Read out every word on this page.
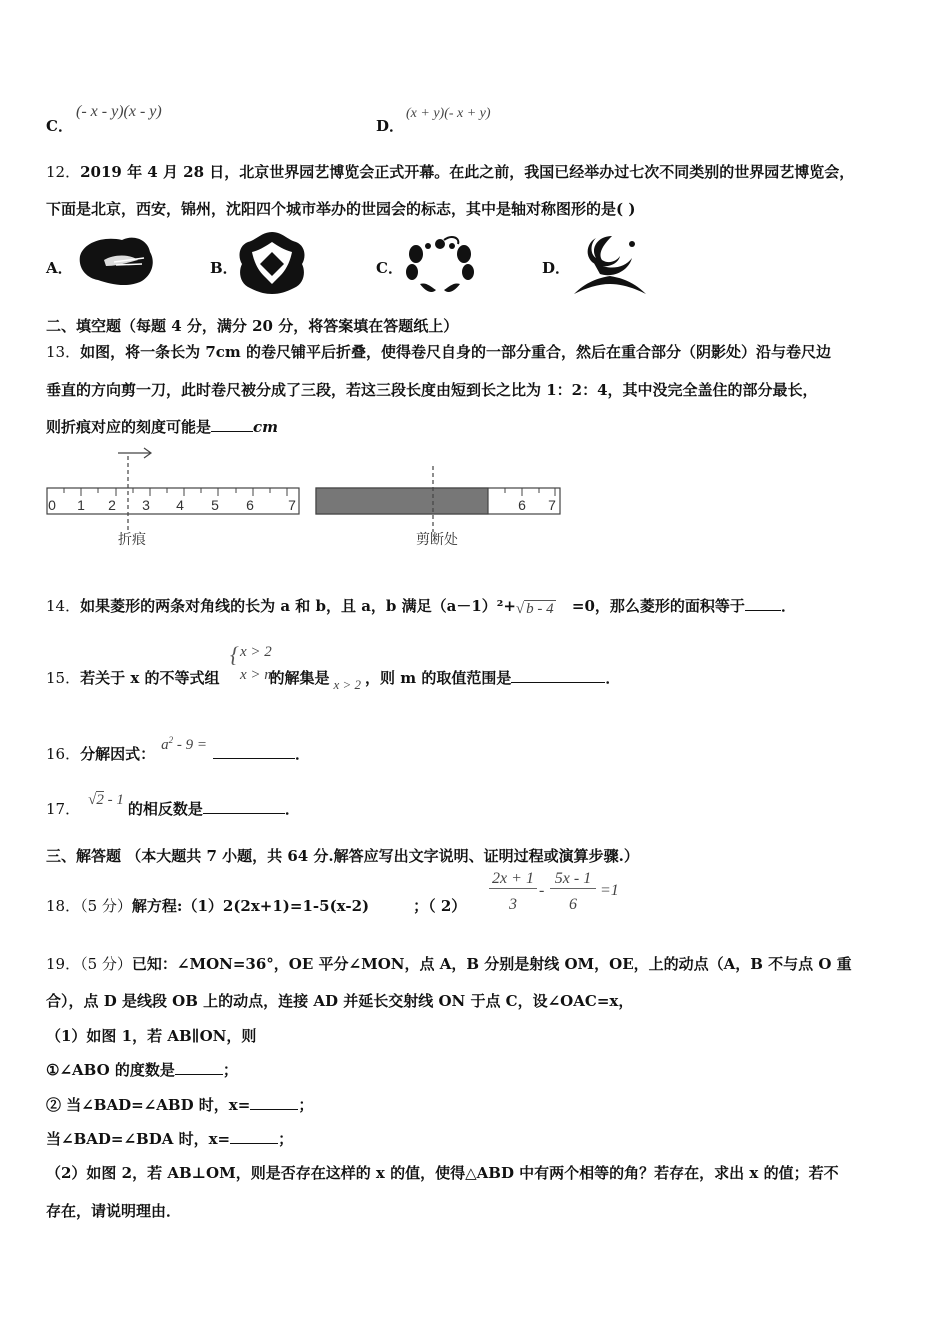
C．
(- x - y)(x - y)
D．
(x + y)(- x + y)
12．2019 年 4 月 28 日，北京世界园艺博览会正式开幕。在此之前，我国已经举办过七次不同类别的世界园艺博览会，
下面是北京，西安，锦州，沈阳四个城市举办的世园会的标志，其中是轴对称图形的是( )
A．	B．	C．	D．
二、填空题（每题 4 分，满分 20 分，将答案填在答题纸上）
13．如图，将一条长为 7cm 的卷尺铺平后折叠，使得卷尺自身的一部分重合，然后在重合部分（阴影处）沿与卷尺边
垂直的方向剪一刀，此时卷尺被分成了三段，若这三段长度由短到长之比为 1：2：4，其中没完全盖住的部分最长，
则折痕对应的刻度可能是	cm
0 1 2 3 4 5 6 7
折痕
6 7
剪断处
14．如果菱形的两条对角线的长为 a 和 b，且 a，b 满足（a－1）²+ √ b - 4 =0，那么菱形的面积等于 ．
{ x > 2
x > m
15．若关于 x 的不等式组	的解集是 x > 2 ，则 m 的取值范围是	．
16．分解因式： $a^2 - 9$ =	．
17． √2 - 1 的相反数是	．
三、解答题 （本大题共 7 小题，共 64 分.解答应写出文字说明、证明过程或演算步骤.）
18．（5 分）解方程:（1）2(2x+1)=1-5(x-2)	；（ 2）
2x + 1
3
-
5x - 1
6
=1
19．（5 分）已知：∠MON=36°，OE 平分∠MON，点 A，B 分别是射线 OM，OE，上的动点（A，B 不与点 O 重
合），点 D 是线段 OB 上的动点，连接 AD 并延长交射线 ON 于点 C，设∠OAC=x，
（1）如图 1，若 AB∥ON，则
①∠ABO 的度数是	；
② 当∠BAD=∠ABD 时，x=	；
当∠BAD=∠BDA 时，x=	；
（2）如图 2，若 AB⊥OM，则是否存在这样的 x 的值，使得△ABD 中有两个相等的角？若存在，求出 x 的值；若不
存在，请说明理由．
